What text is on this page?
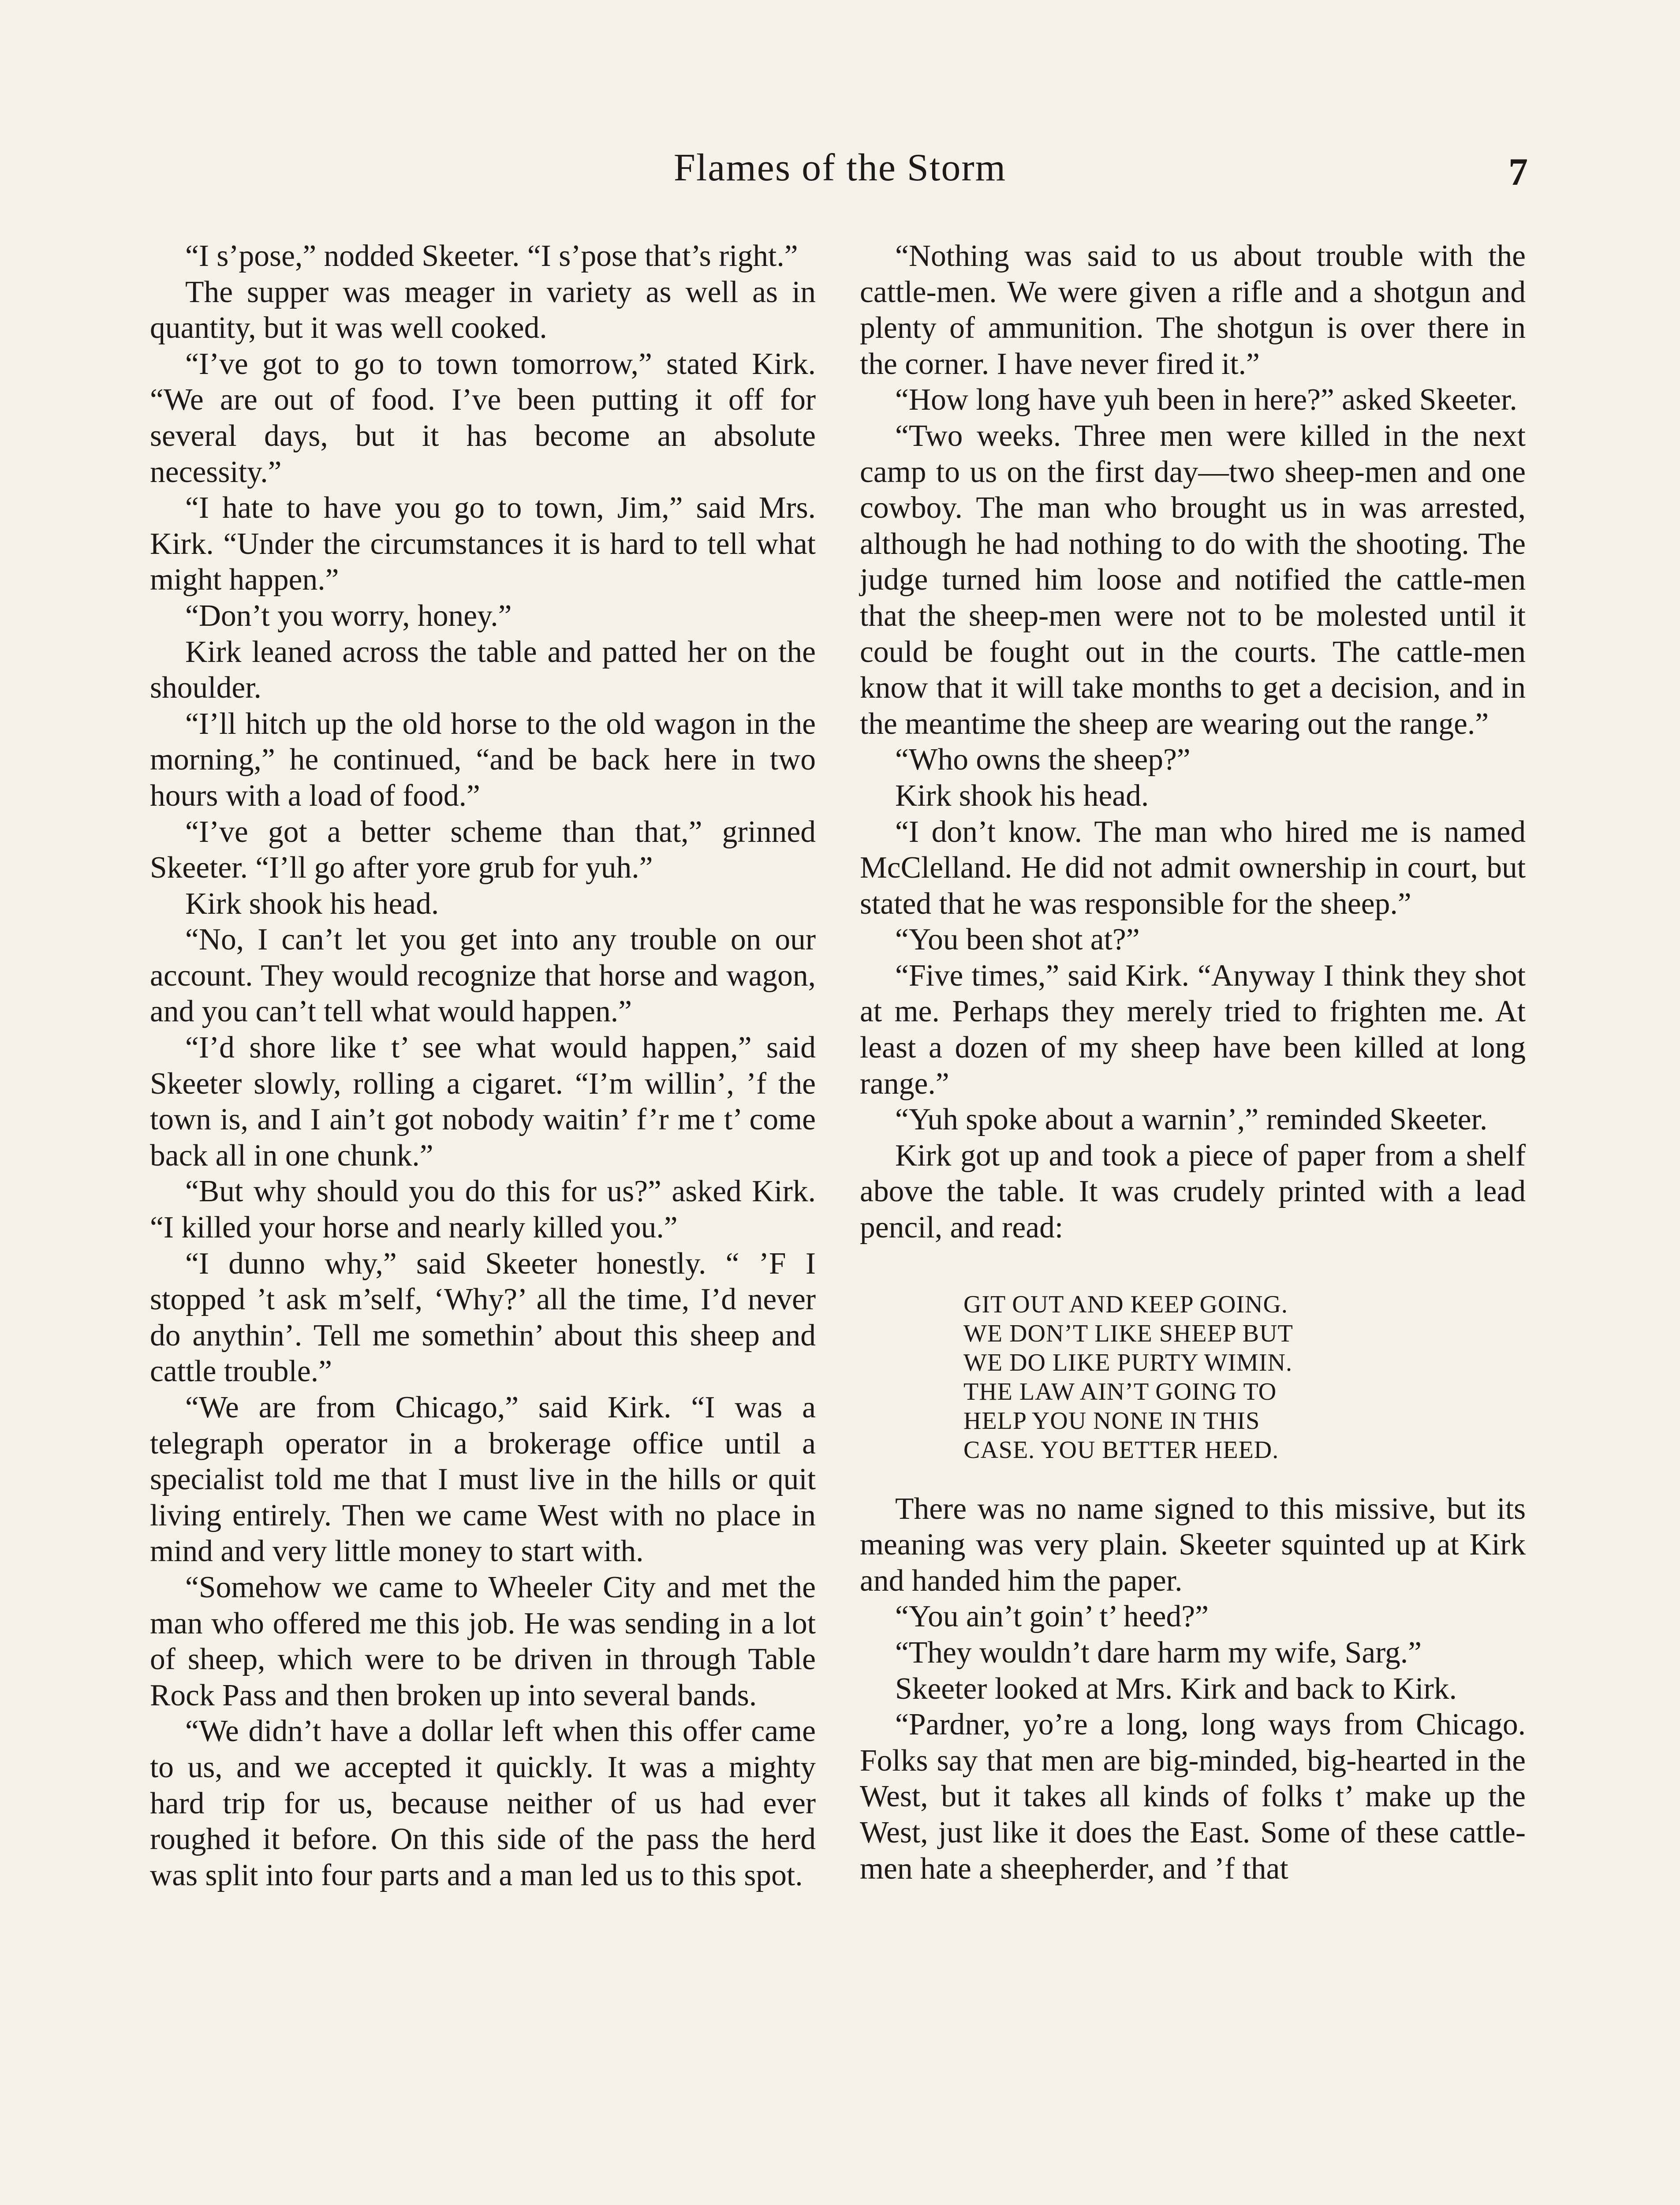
Flames of the Storm	7

“I s’pose,” nodded Skeeter. “I s’pose that’s right.”

The supper was meager in variety as well as in quantity, but it was well cooked.

“I’ve got to go to town tomorrow,” stated Kirk. “We are out of food. I’ve been putting it off for several days, but it has become an absolute necessity.”

“I hate to have you go to town, Jim,” said Mrs. Kirk. “Under the circumstances it is hard to tell what might happen.”

“Don’t you worry, honey.”

Kirk leaned across the table and patted her on the shoulder.

“I’ll hitch up the old horse to the old wagon in the morning,” he continued, “and be back here in two hours with a load of food.”

“I’ve got a better scheme than that,” grinned Skeeter. “I’ll go after yore grub for yuh.”

Kirk shook his head.

“No, I can’t let you get into any trouble on our account. They would recognize that horse and wagon, and you can’t tell what would happen.”

“I’d shore like t’ see what would happen,” said Skeeter slowly, rolling a cigaret. “I’m willin’, ’f the town is, and I ain’t got nobody waitin’ f’r me t’ come back all in one chunk.”

“But why should you do this for us?” asked Kirk. “I killed your horse and nearly killed you.”

“I dunno why,” said Skeeter honestly. “ ’F I stopped ’t ask m’self, ‘Why?’ all the time, I’d never do anythin’. Tell me somethin’ about this sheep and cattle trouble.”

“We are from Chicago,” said Kirk. “I was a telegraph operator in a brokerage office until a specialist told me that I must live in the hills or quit living entirely. Then we came West with no place in mind and very little money to start with.

“Somehow we came to Wheeler City and met the man who offered me this job. He was sending in a lot of sheep, which were to be driven in through Table Rock Pass and then broken up into several bands.

“We didn’t have a dollar left when this offer came to us, and we accepted it quickly. It was a mighty hard trip for us, because neither of us had ever roughed it before. On this side of the pass the herd was split into four parts and a man led us to this spot.

“Nothing was said to us about trouble with the cattle-men. We were given a rifle and a shotgun and plenty of ammunition. The shotgun is over there in the corner. I have never fired it.”

“How long have yuh been in here?” asked Skeeter.

“Two weeks. Three men were killed in the next camp to us on the first day—two sheep-men and one cowboy. The man who brought us in was arrested, although he had nothing to do with the shooting. The judge turned him loose and notified the cattle-men that the sheep-men were not to be molested until it could be fought out in the courts. The cattle-men know that it will take months to get a decision, and in the meantime the sheep are wearing out the range.”

“Who owns the sheep?”

Kirk shook his head.

“I don’t know. The man who hired me is named McClelland. He did not admit ownership in court, but stated that he was responsible for the sheep.”

“You been shot at?”

“Five times,” said Kirk. “Anyway I think they shot at me. Perhaps they merely tried to frighten me. At least a dozen of my sheep have been killed at long range.”

“Yuh spoke about a warnin’,” reminded Skeeter.

Kirk got up and took a piece of paper from a shelf above the table. It was crudely printed with a lead pencil, and read:

GIT OUT AND KEEP GOING.
WE DON’T LIKE SHEEP BUT
WE DO LIKE PURTY WIMIN.
THE LAW AIN’T GOING TO
HELP YOU NONE IN THIS
CASE. YOU BETTER HEED.

There was no name signed to this missive, but its meaning was very plain. Skeeter squinted up at Kirk and handed him the paper.

“You ain’t goin’ t’ heed?”

“They wouldn’t dare harm my wife, Sarg.”

Skeeter looked at Mrs. Kirk and back to Kirk.

“Pardner, yo’re a long, long ways from Chicago. Folks say that men are big-minded, big-hearted in the West, but it takes all kinds of folks t’ make up the West, just like it does the East. Some of these cattle-men hate a sheepherder, and ’f that
